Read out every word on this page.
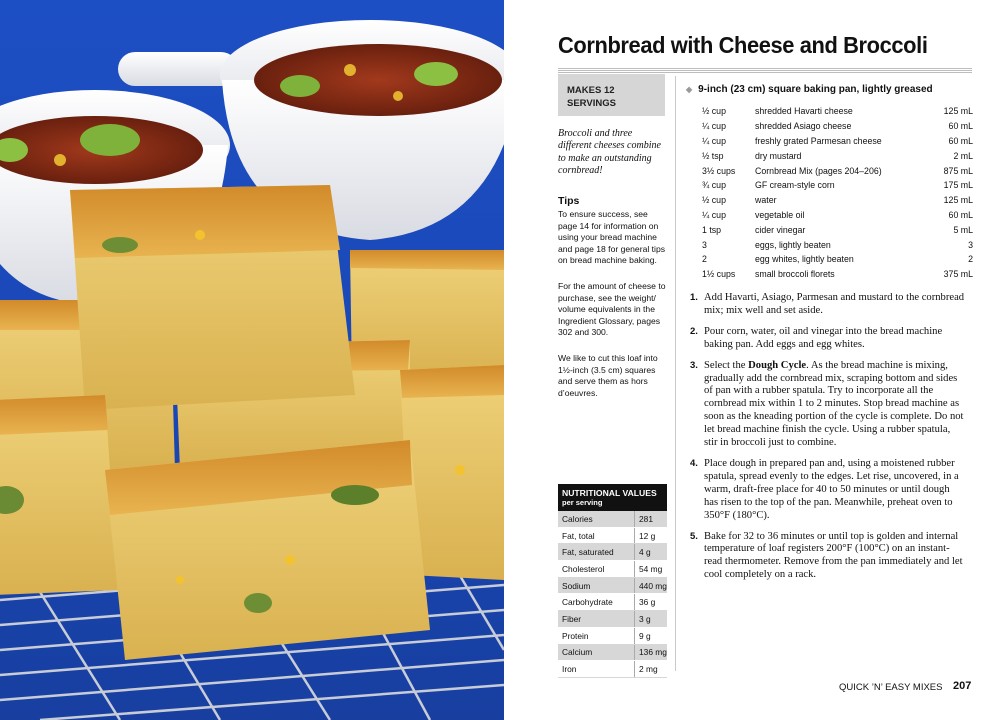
Cornbread with Cheese and Broccoli
MAKES 12 SERVINGS
Broccoli and three different cheeses combine to make an outstanding cornbread!
Tips
To ensure success, see page 14 for information on using your bread machine and page 18 for general tips on bread machine baking.
For the amount of cheese to purchase, see the weight/ volume equivalents in the Ingredient Glossary, pages 302 and 300.
We like to cut this loaf into 1½-inch (3.5 cm) squares and serve them as hors d’oeuvres.
NUTRITIONAL VALUES
per serving
Calories	281
Fat, total	12 g
Fat, saturated	4 g
Cholesterol	54 mg
Sodium	440 mg
Carbohydrate	36 g
Fiber	3 g
Protein	9 g
Calcium	136 mg
Iron	2 mg
◆ 9-inch (23 cm) square baking pan, lightly greased
½ cup	shredded Havarti cheese	125 mL
¼ cup	shredded Asiago cheese	60 mL
¼ cup	freshly grated Parmesan cheese	60 mL
½ tsp	dry mustard	2 mL
3½ cups	Cornbread Mix (pages 204–206)	875 mL
¾ cup	GF cream-style corn	175 mL
½ cup	water	125 mL
¼ cup	vegetable oil	60 mL
1 tsp	cider vinegar	5 mL
3	eggs, lightly beaten	3
2	egg whites, lightly beaten	2
1½ cups	small broccoli florets	375 mL
1. Add Havarti, Asiago, Parmesan and mustard to the cornbread mix; mix well and set aside.
2. Pour corn, water, oil and vinegar into the bread machine baking pan. Add eggs and egg whites.
3. Select the Dough Cycle. As the bread machine is mixing, gradually add the cornbread mix, scraping bottom and sides of pan with a rubber spatula. Try to incorporate all the cornbread mix within 1 to 2 minutes. Stop bread machine as soon as the kneading portion of the cycle is complete. Do not let bread machine finish the cycle. Using a rubber spatula, stir in broccoli just to combine.
4. Place dough in prepared pan and, using a moistened rubber spatula, spread evenly to the edges. Let rise, uncovered, in a warm, draft-free place for 40 to 50 minutes or until dough has risen to the top of the pan. Meanwhile, preheat oven to 350°F (180°C).
5. Bake for 32 to 36 minutes or until top is golden and internal temperature of loaf registers 200°F (100°C) on an instant-read thermometer. Remove from the pan immediately and let cool completely on a rack.
QUICK ’N’ EASY MIXES 207
